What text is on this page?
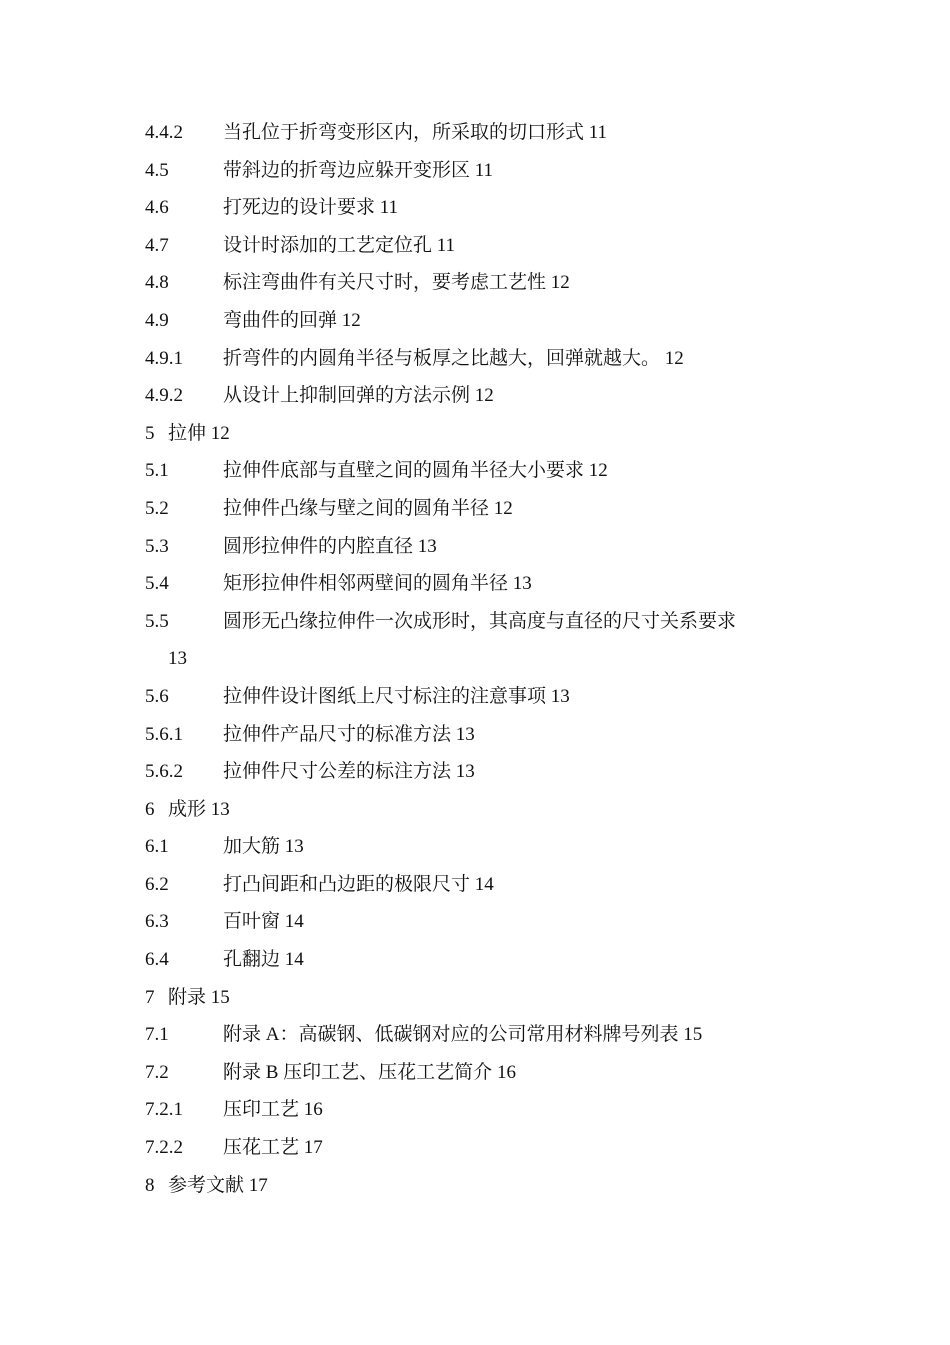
4.4.2	当孔位于折弯变形区内，所采取的切口形式 11
4.5	带斜边的折弯边应躲开变形区 11
4.6	打死边的设计要求 11
4.7	设计时添加的工艺定位孔 11
4.8	标注弯曲件有关尺寸时，要考虑工艺性 12
4.9	弯曲件的回弹 12
4.9.1	折弯件的内圆角半径与板厚之比越大，回弹就越大。 12
4.9.2	从设计上抑制回弹的方法示例 12
5 拉伸 12
5.1	拉伸件底部与直壁之间的圆角半径大小要求 12
5.2	拉伸件凸缘与壁之间的圆角半径 12
5.3	圆形拉伸件的内腔直径 13
5.4	矩形拉伸件相邻两壁间的圆角半径 13
5.5	圆形无凸缘拉伸件一次成形时，其高度与直径的尺寸关系要求
13
5.6	拉伸件设计图纸上尺寸标注的注意事项 13
5.6.1	拉伸件产品尺寸的标准方法 13
5.6.2	拉伸件尺寸公差的标注方法 13
6 成形 13
6.1	加大筋 13
6.2	打凸间距和凸边距的极限尺寸 14
6.3	百叶窗 14
6.4	孔翻边 14
7 附录 15
7.1	附录 A：高碳钢、低碳钢对应的公司常用材料牌号列表 15
7.2	附录 B 压印工艺、压花工艺简介 16
7.2.1	压印工艺 16
7.2.2	压花工艺 17
8 参考文献 17
